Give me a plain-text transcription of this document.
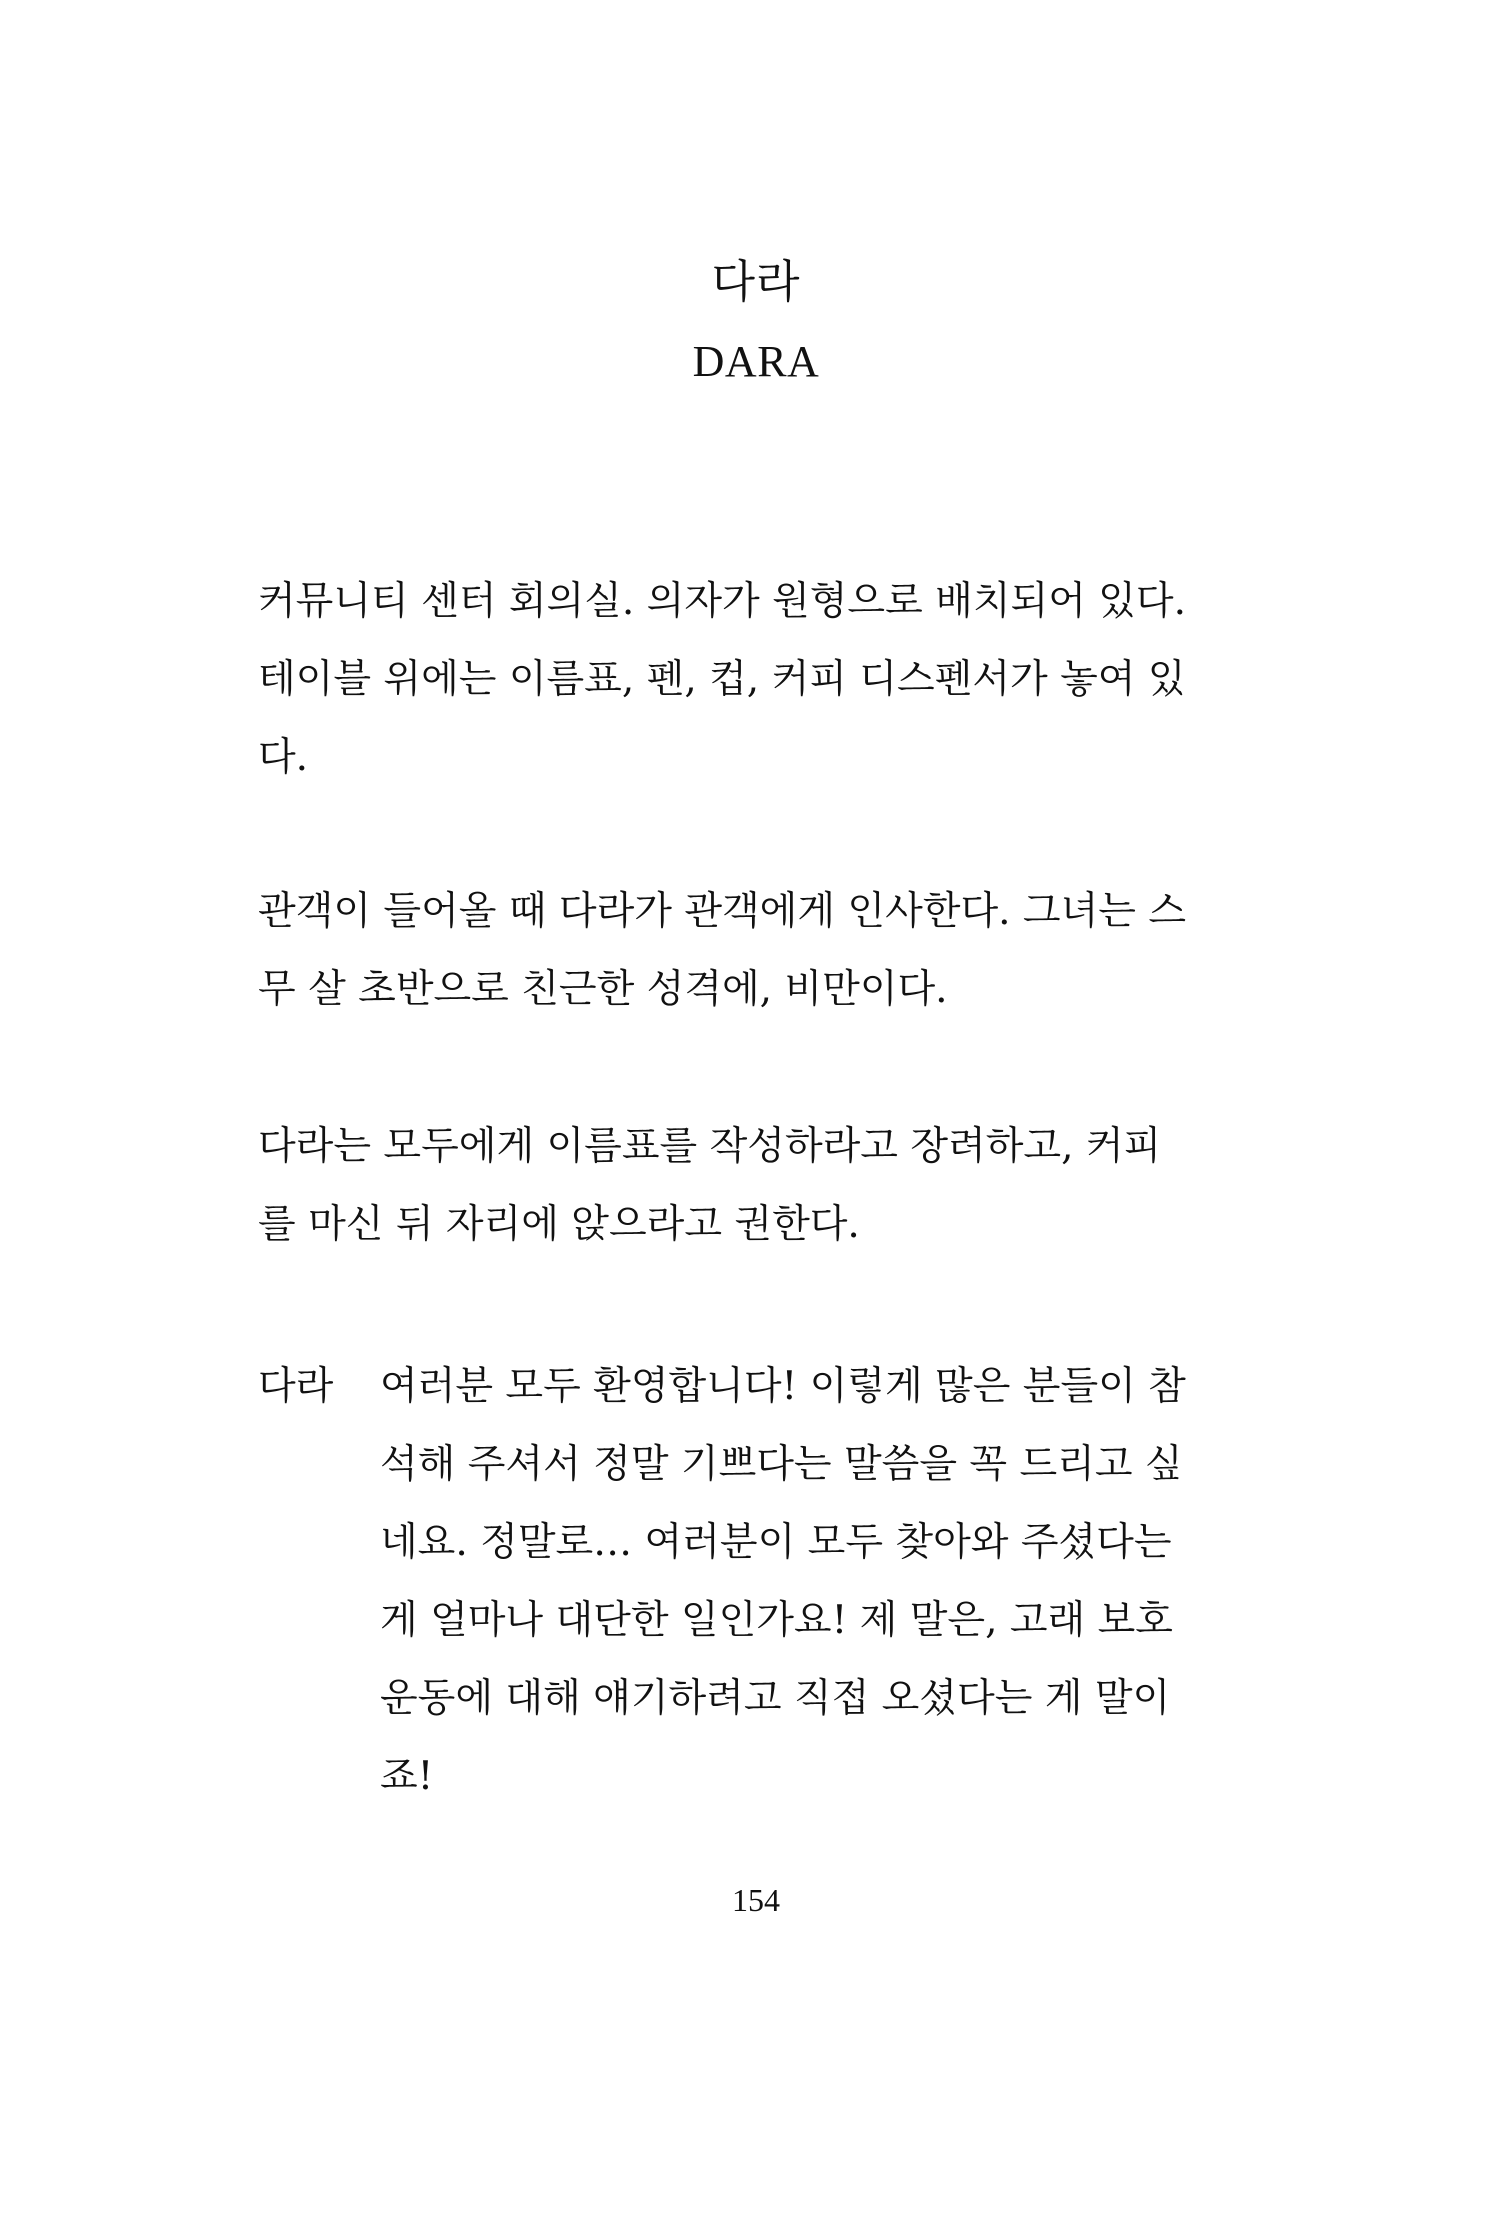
다라
DARA
커뮤니티 센터 회의실. 의자가 원형으로 배치되어 있다.
테이블 위에는 이름표, 펜, 컵, 커피 디스펜서가 놓여 있
다.
관객이 들어올 때 다라가 관객에게 인사한다. 그녀는 스
무 살 초반으로 친근한 성격에, 비만이다.
다라는 모두에게 이름표를 작성하라고 장려하고, 커피
를 마신 뒤 자리에 앉으라고 권한다.
다라 여러분 모두 환영합니다! 이렇게 많은 분들이 참
석해 주셔서 정말 기쁘다는 말씀을 꼭 드리고 싶
네요. 정말로… 여러분이 모두 찾아와 주셨다는
게 얼마나 대단한 일인가요! 제 말은, 고래 보호
운동에 대해 얘기하려고 직접 오셨다는 게 말이
죠!
154
